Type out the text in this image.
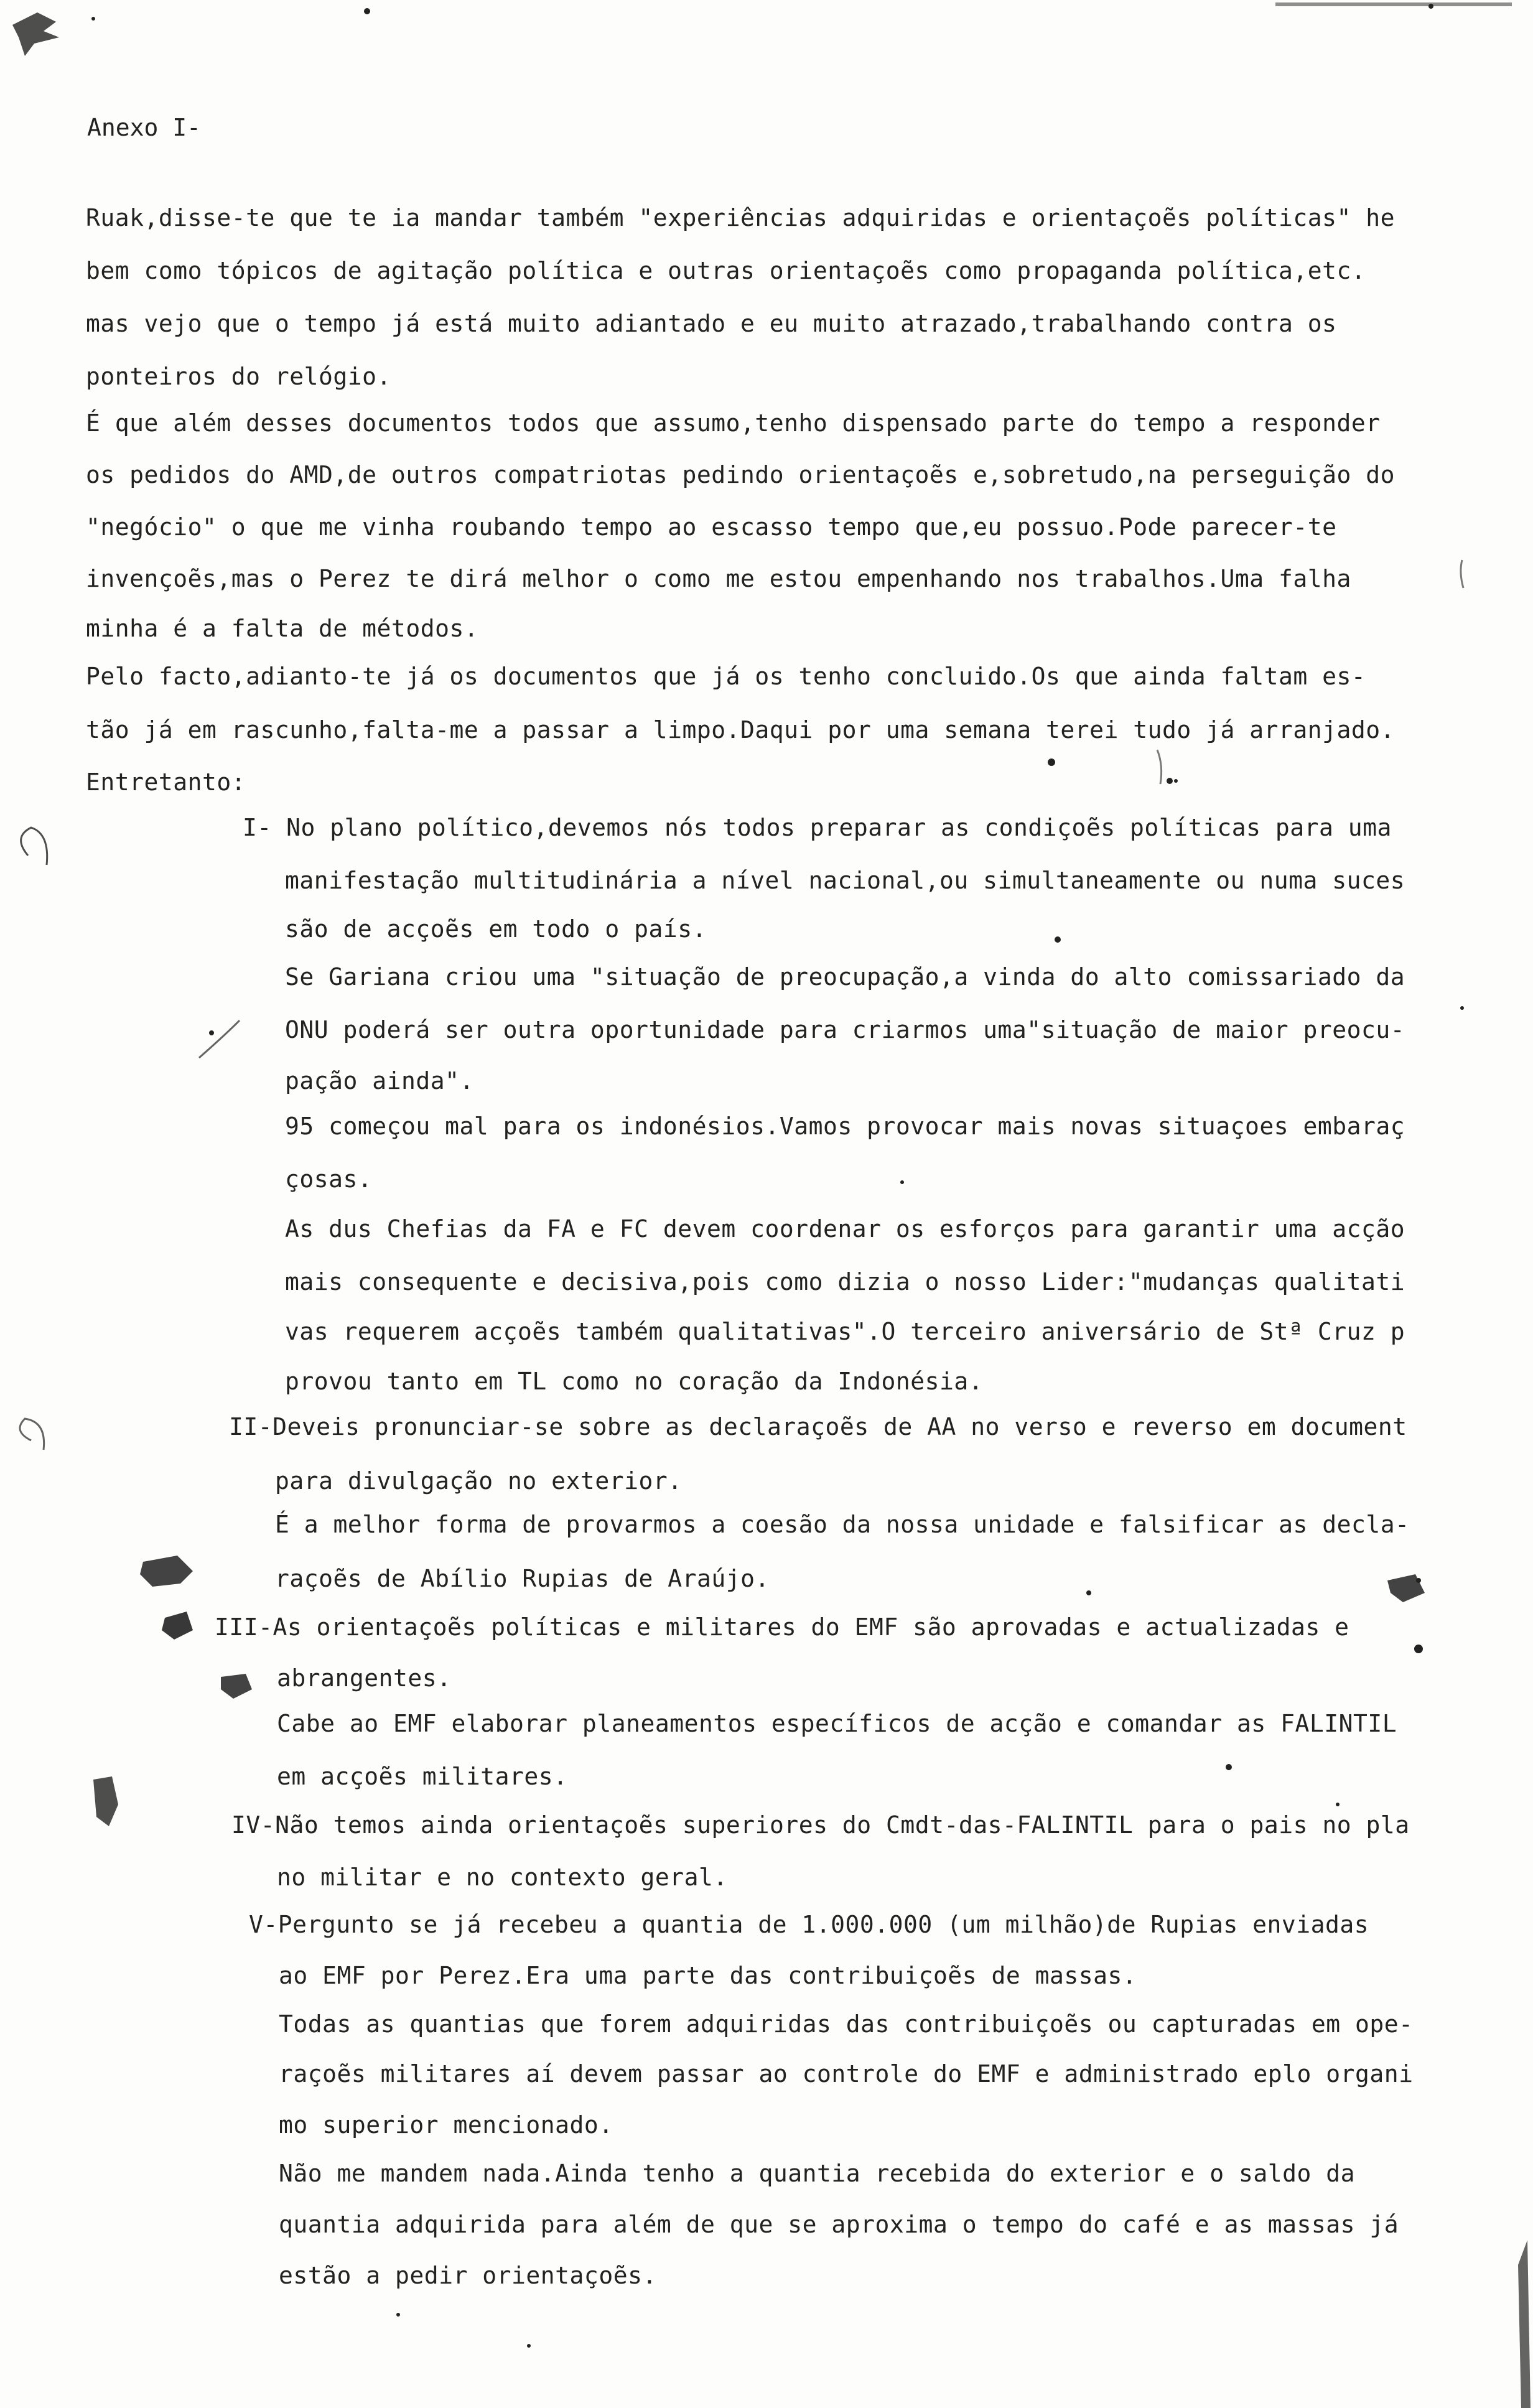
Anexo I-
Ruak,disse-te que te ia mandar também "experiências adquiridas e orientaçoẽs políticas" he
bem como tópicos de agitação política e outras orientaçoẽs como propaganda política,etc.
mas vejo que o tempo já está muito adiantado e eu muito atrazado,trabalhando contra os
ponteiros do relógio.
É que além desses documentos todos que assumo,tenho dispensado parte do tempo a responder
os pedidos do AMD,de outros compatriotas pedindo orientaçoẽs e,sobretudo,na perseguição do
"negócio" o que me vinha roubando tempo ao escasso tempo que,eu possuo.Pode parecer-te
invençoẽs,mas o Perez te dirá melhor o como me estou empenhando nos trabalhos.Uma falha
minha é a falta de métodos.
Pelo facto,adianto-te já os documentos que já os tenho concluido.Os que ainda faltam es-
tão já em rascunho,falta-me a passar a limpo.Daqui por uma semana terei tudo já arranjado.
Entretanto:
I- No plano político,devemos nós todos preparar as condiçoẽs políticas para uma
manifestação multitudinária a nível nacional,ou simultaneamente ou numa suces
são de acçoẽs em todo o país.
Se Gariana criou uma "situação de preocupação,a vinda do alto comissariado da
ONU poderá ser outra oportunidade para criarmos uma"situação de maior preocu-
pação ainda".
95 começou mal para os indonésios.Vamos provocar mais novas situaçoes embaraç
çosas.
As dus Chefias da FA e FC devem coordenar os esforços para garantir uma acção
mais consequente e decisiva,pois como dizia o nosso Lider:"mudanças qualitati
vas requerem acçoẽs também qualitativas".O terceiro aniversário de Stª Cruz p
provou tanto em TL como no coração da Indonésia.
II-Deveis pronunciar-se sobre as declaraçoẽs de AA no verso e reverso em document
para divulgação no exterior.
É a melhor forma de provarmos a coesão da nossa unidade e falsificar as decla-
raçoẽs de Abílio Rupias de Araújo.
III-As orientaçoẽs políticas e militares do EMF são aprovadas e actualizadas e
abrangentes.
Cabe ao EMF elaborar planeamentos específicos de acção e comandar as FALINTIL
em acçoẽs militares.
IV-Não temos ainda orientaçoẽs superiores do Cmdt-das-FALINTIL para o pais no pla
no militar e no contexto geral.
V-Pergunto se já recebeu a quantia de 1.000.000 (um milhão)de Rupias enviadas
ao EMF por Perez.Era uma parte das contribuiçoẽs de massas.
Todas as quantias que forem adquiridas das contribuiçoẽs ou capturadas em ope-
raçoẽs militares aí devem passar ao controle do EMF e administrado eplo organi
mo superior mencionado.
Não me mandem nada.Ainda tenho a quantia recebida do exterior e o saldo da
quantia adquirida para além de que se aproxima o tempo do café e as massas já
estão a pedir orientaçoẽs.
